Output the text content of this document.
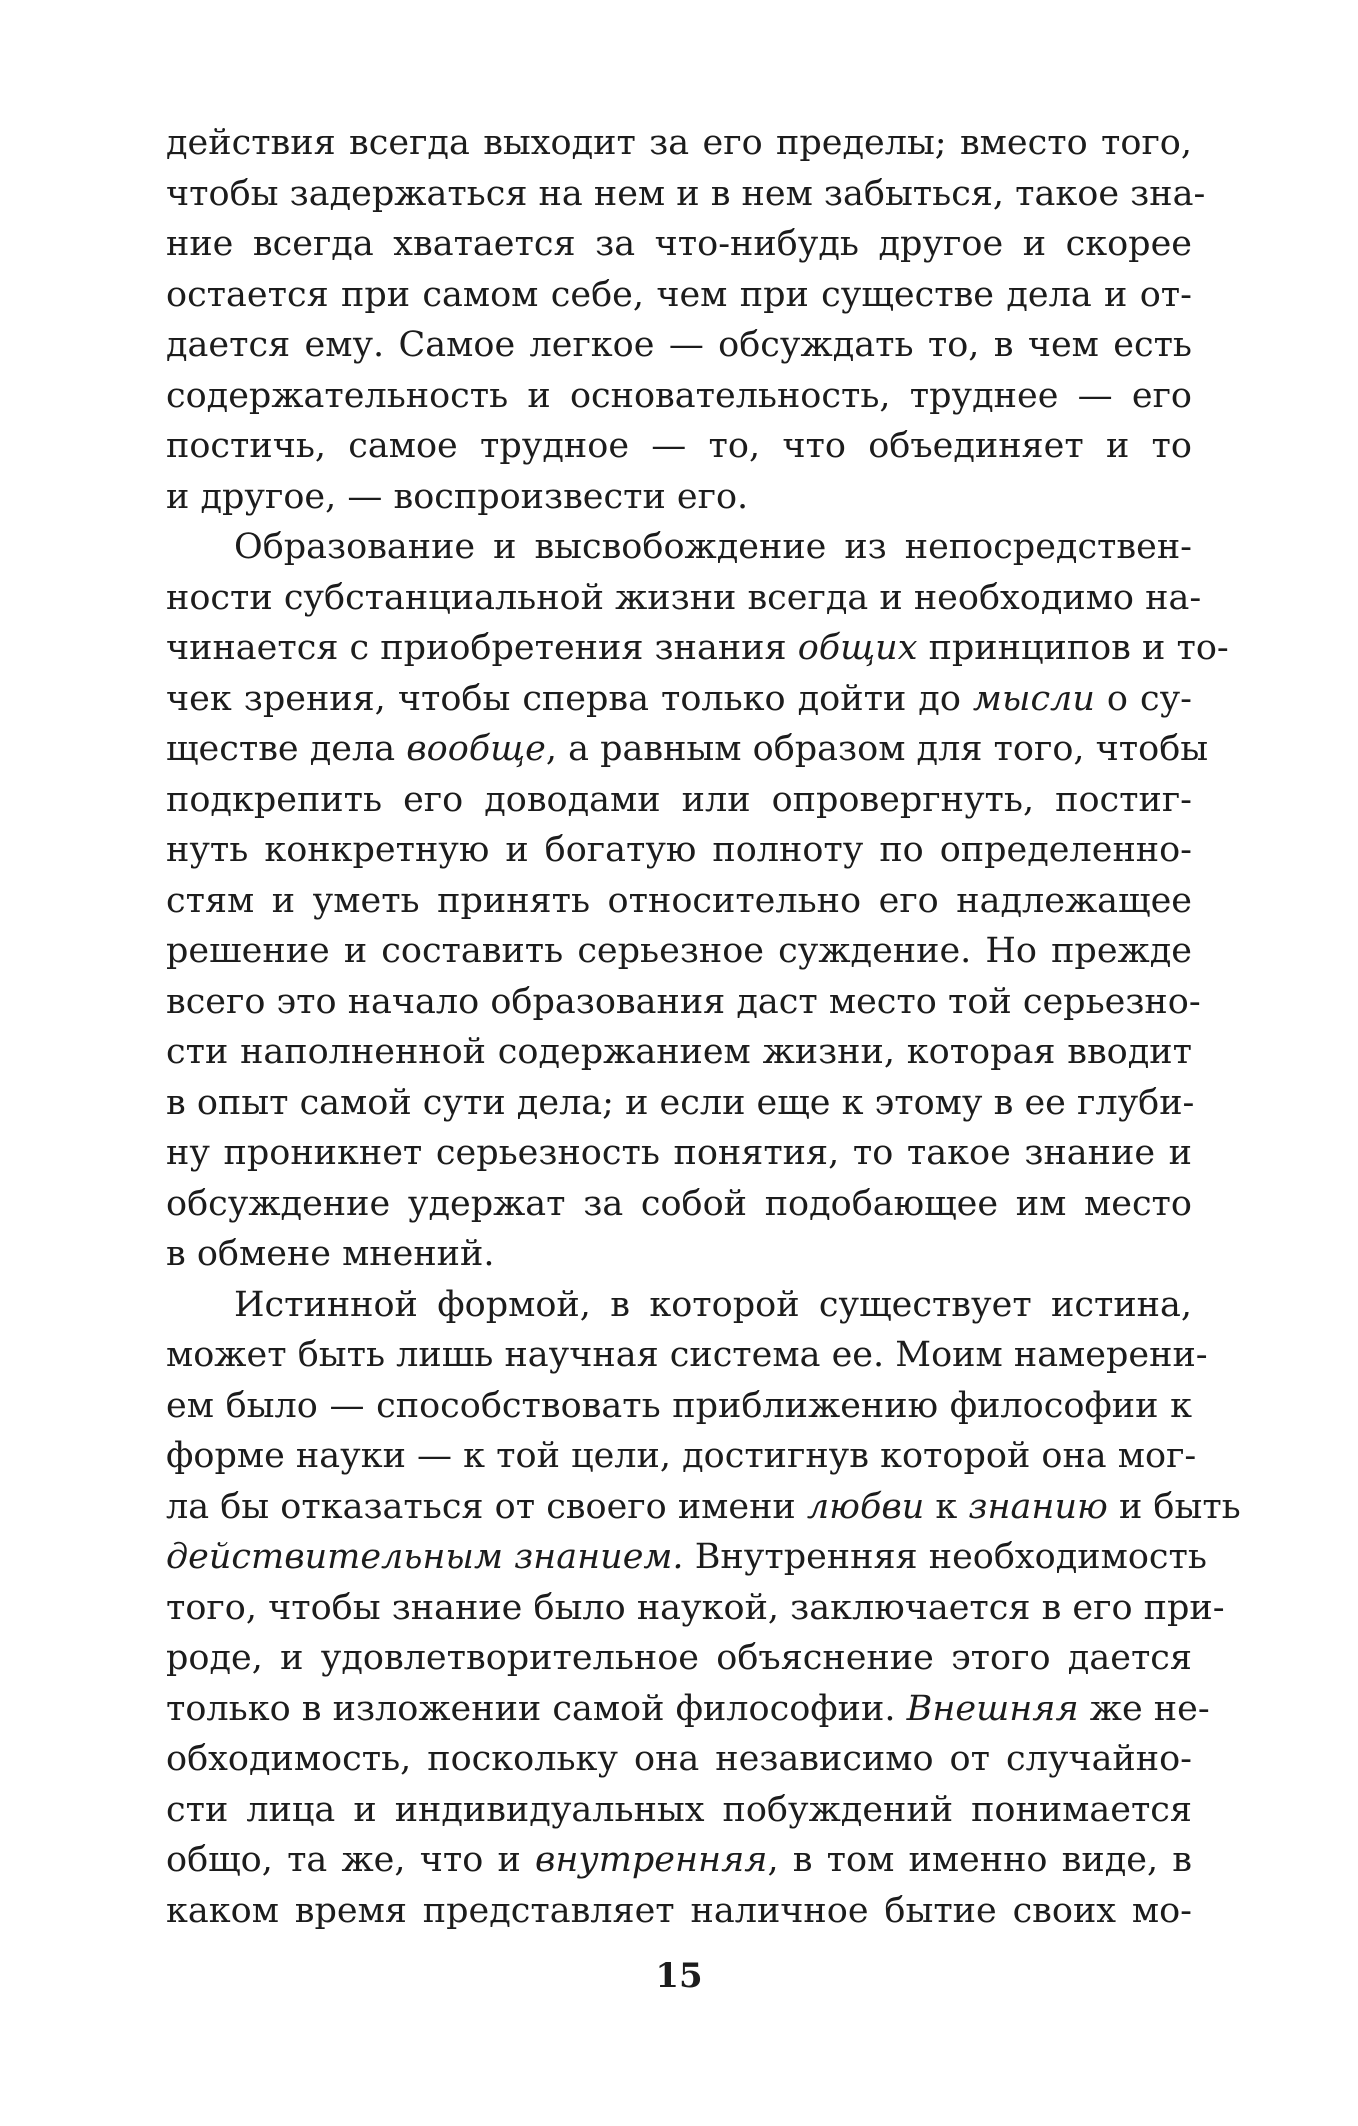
действия всегда выходит за его пределы; вместо того,
чтобы задержаться на нем и в нем забыться, такое зна-
ние всегда хватается за что-нибудь другое и скорее
остается при самом себе, чем при существе дела и от-
дается ему. Самое легкое — обсуждать то, в чем есть
содержательность и основательность, труднее — его
постичь, самое трудное — то, что объединяет и то
и другое, — воспроизвести его.
Образование и высвобождение из непосредствен-
ности субстанциальной жизни всегда и необходимо на-
чинается с приобретения знания общих принципов и то-
чек зрения, чтобы сперва только дойти до мысли о су-
ществе дела вообще, а равным образом для того, чтобы
подкрепить его доводами или опровергнуть, постиг-
нуть конкретную и богатую полноту по определенно-
стям и уметь принять относительно его надлежащее
решение и составить серьезное суждение. Но прежде
всего это начало образования даст место той серьезно-
сти наполненной содержанием жизни, которая вводит
в опыт самой сути дела; и если еще к этому в ее глуби-
ну проникнет серьезность понятия, то такое знание и
обсуждение удержат за собой подобающее им место
в обмене мнений.
Истинной формой, в которой существует истина,
может быть лишь научная система ее. Моим намерени-
ем было — способствовать приближению философии к
форме науки — к той цели, достигнув которой она мог-
ла бы отказаться от своего имени любви к знанию и быть
действительным знанием. Внутренняя необходимость
того, чтобы знание было наукой, заключается в его при-
роде, и удовлетворительное объяснение этого дается
только в изложении самой философии. Внешняя же не-
обходимость, поскольку она независимо от случайно-
сти лица и индивидуальных побуждений понимается
общо, та же, что и внутренняя, в том именно виде, в
каком время представляет наличное бытие своих мо-
15
